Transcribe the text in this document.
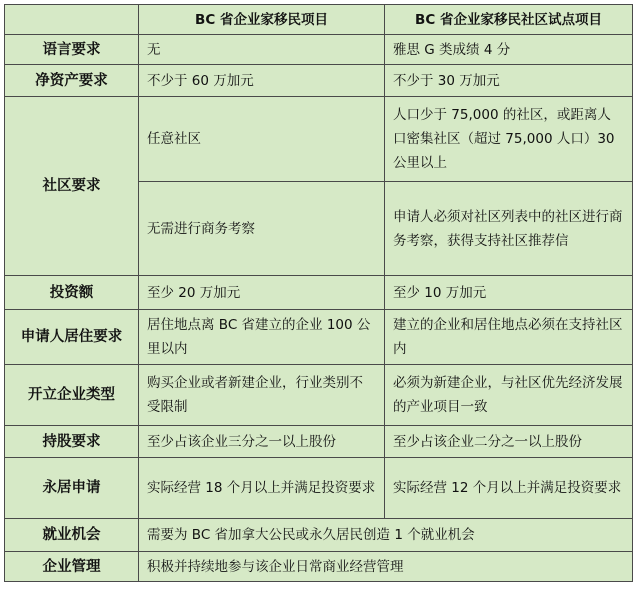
	BC 省企业家移民项目	BC 省企业家移民社区试点项目
语言要求	无	雅思 G 类成绩 4 分
净资产要求	不少于 60 万加元	不少于 30 万加元
社区要求	任意社区	人口少于 75,000 的社区，或距离人口密集社区（超过 75,000 人口）30 公里以上
	无需进行商务考察	申请人必须对社区列表中的社区进行商务考察，获得支持社区推荐信
投资额	至少 20 万加元	至少 10 万加元
申请人居住要求	居住地点离 BC 省建立的企业 100 公里以内	建立的企业和居住地点必须在支持社区内
开立企业类型	购买企业或者新建企业，行业类别不受限制	必须为新建企业，与社区优先经济发展的产业项目一致
持股要求	至少占该企业三分之一以上股份	至少占该企业二分之一以上股份
永居申请	实际经营 18 个月以上并满足投资要求	实际经营 12 个月以上并满足投资要求
就业机会	需要为 BC 省加拿大公民或永久居民创造 1 个就业机会	
企业管理	积极并持续地参与该企业日常商业经营管理	
